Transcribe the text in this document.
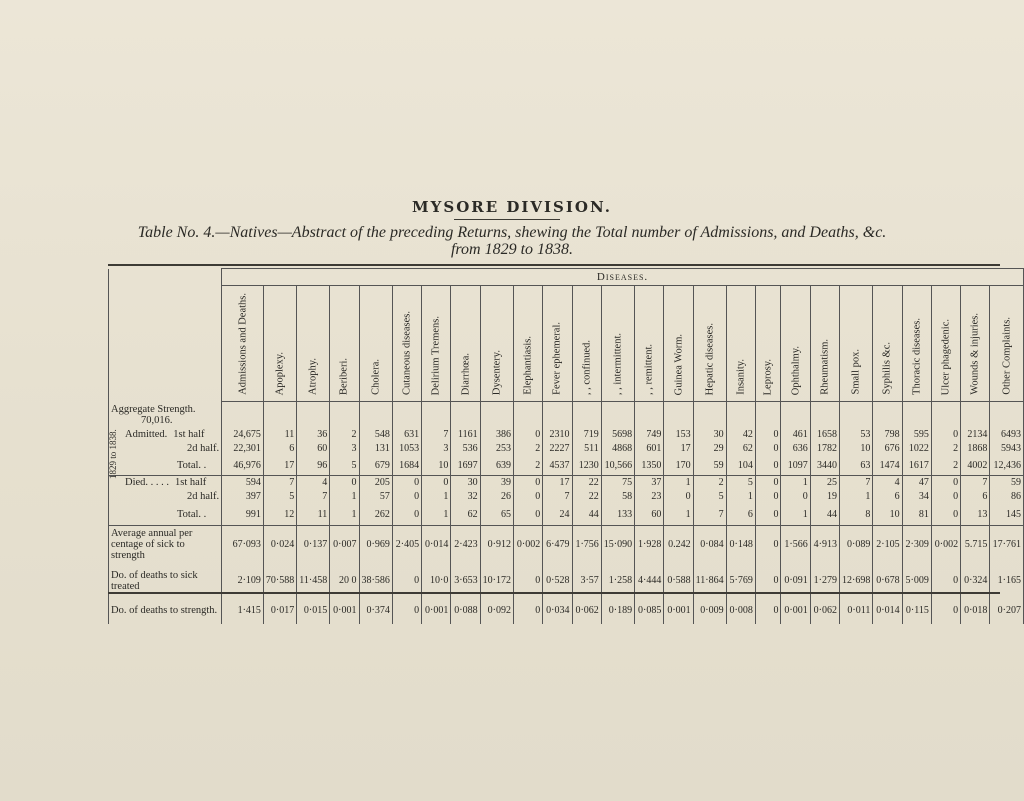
MYSORE DIVISION.
Table No. 4.—Natives—Abstract of the preceding Returns, shewing the Total number of Admissions, and Deaths, &c.
from 1829 to 1838.
	Diseases.																									

	Admissions and Deaths.	Apoplexy.	Atrophy.	Beriberi.	Cholera.	Cutaneous diseases.	Delirium Tremens.	Diarrhœa.	Dysentery.	Elephantiasis.	Fever ephemeral.	, , confinued.	, , intermittent.	, , remittent.	Guinea Worm.	Hepatic diseases.	Insanity.	Leprosy.	Ophthalmy.	Rheumatism.	Small pox.	Syphilis &c.	Thoracic diseases.	Ulcer phagedenic.	Wounds & injuries.	Other Complaints.

Aggregate Strength.
70,016.																										

Admitted. 1st half	24,675	11	36	2	548	631	7	1161	386	0	2310	719	5698	749	153	30	42	0	461	1658	53	798	595	0	2134	6493
2d half.	22,301	6	60	3	131	1053	3	536	253	2	2227	511	4868	601	17	29	62	0	636	1782	10	676	1022	2	1868	5943
Total. .	46,976	17	96	5	679	1684	10	1697	639	2	4537	1230	10,566	1350	170	59	104	0	1097	3440	63	1474	1617	2	4002	12,436
Died. . . . . 1st half	594	7	4	0	205	0	0	30	39	0	17	22	75	37	1	2	5	0	1	25	7	4	47	0	7	59
2d half.	397	5	7	1	57	0	1	32	26	0	7	22	58	23	0	5	1	0	0	19	1	6	34	0	6	86
Total. .	991	12	11	1	262	0	1	62	65	0	24	44	133	60	1	7	6	0	1	44	8	10	81	0	13	145
Average annual per centage of sick to strength	67·093	0·024	0·137	0·007	0·969	2·405	0·014	2·423	0·912	0·002	6·479	1·756	15·090	1·928	0.242	0·084	0·148	0	1·566	4·913	0·089	2·105	2·309	0·002	5.715	17·761
Do. of deaths to sick treated	2·109	70·588	11·458	20 0	38·586	0	10·0	3·653	10·172	0	0·528	3·57	1·258	4·444	0·588	11·864	5·769	0	0·091	1·279	12·698	0·678	5·009	0	0·324	1·165
Do. of deaths to strength.	1·415	0·017	0·015	0·001	0·374	0	0·001	0·088	0·092	0	0·034	0·062	0·189	0·085	0·001	0·009	0·008	0	0·001	0·062	0·011	0·014	0·115	0	0·018	0·207
1829 to 1838.
